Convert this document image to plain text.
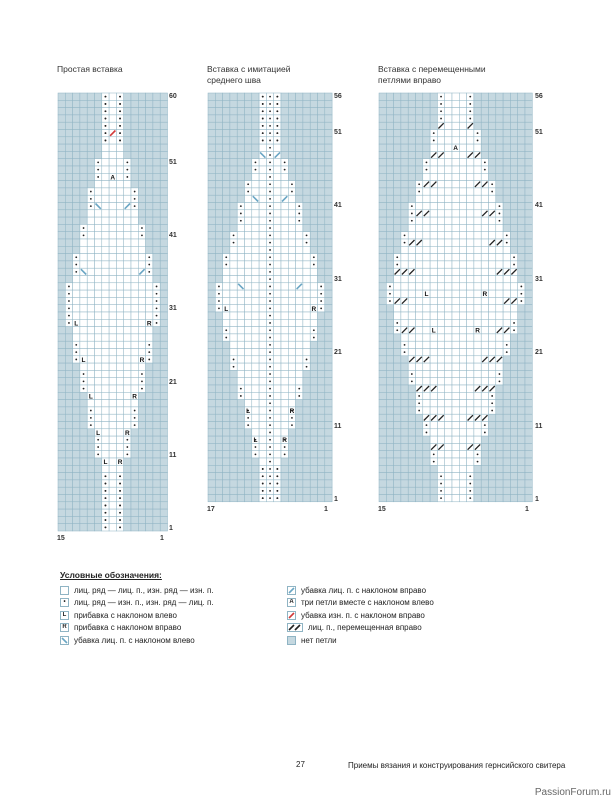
Простая вставка	Вставка с имитацией
среднего шва
Вставка с перемещенными
петлями вправо
L	R
L	R
L	R
L	R
L R
A
L	R
L	R
L	R
L	R
L	R
A
60
51
41
31
21
11
1
15	1
56
51
41
31
21
11
1
17	1
56
51
41
31
21
11
1
15	1
Условные обозначения:
лиц. ряд — лиц. п., изн. ряд — изн. п.
•	лиц. ряд — изн. п., изн. ряд — лиц. п.
L прибавка с наклоном влево
R прибавка с наклоном вправо
убавка лиц. п. с наклоном влево
убавка лиц. п. с наклоном вправо
A три петли вместе с наклоном влево
убавка изн. п. с наклоном вправо
лиц. п., перемещенная вправо
нет петли
27	Приемы вязания и конструирования гернсийского свитера
PassionForum.ru
